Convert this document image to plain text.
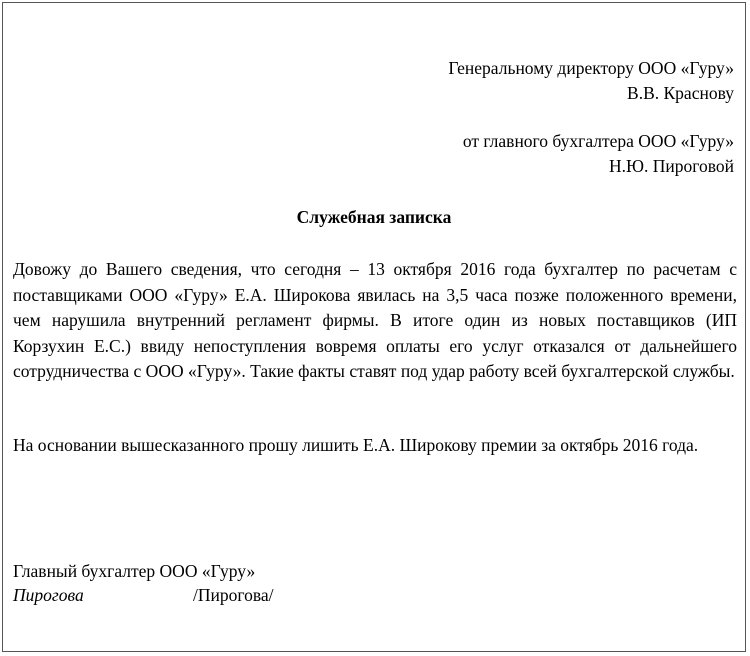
Генеральному директору ООО «Гуру»
В.В. Краснову
от главного бухгалтера ООО «Гуру»
Н.Ю. Пироговой
Служебная записка
Довожу до Вашего сведения, что сегодня – 13 октября 2016 года бухгалтер по расчетам с поставщиками ООО «Гуру» Е.А. Широкова явилась на 3,5 часа позже положенного времени, чем нарушила внутренний регламент фирмы. В итоге один из новых поставщиков (ИП Корзухин Е.С.) ввиду непоступления вовремя оплаты его услуг отказался от дальнейшего сотрудничества с ООО «Гуру». Такие факты ставят под удар работу всей бухгалтерской службы.
На основании вышесказанного прошу лишить Е.А. Широкову премии за октябрь 2016 года.
Главный бухгалтер ООО «Гуру»
Пирогова	/Пирогова/
